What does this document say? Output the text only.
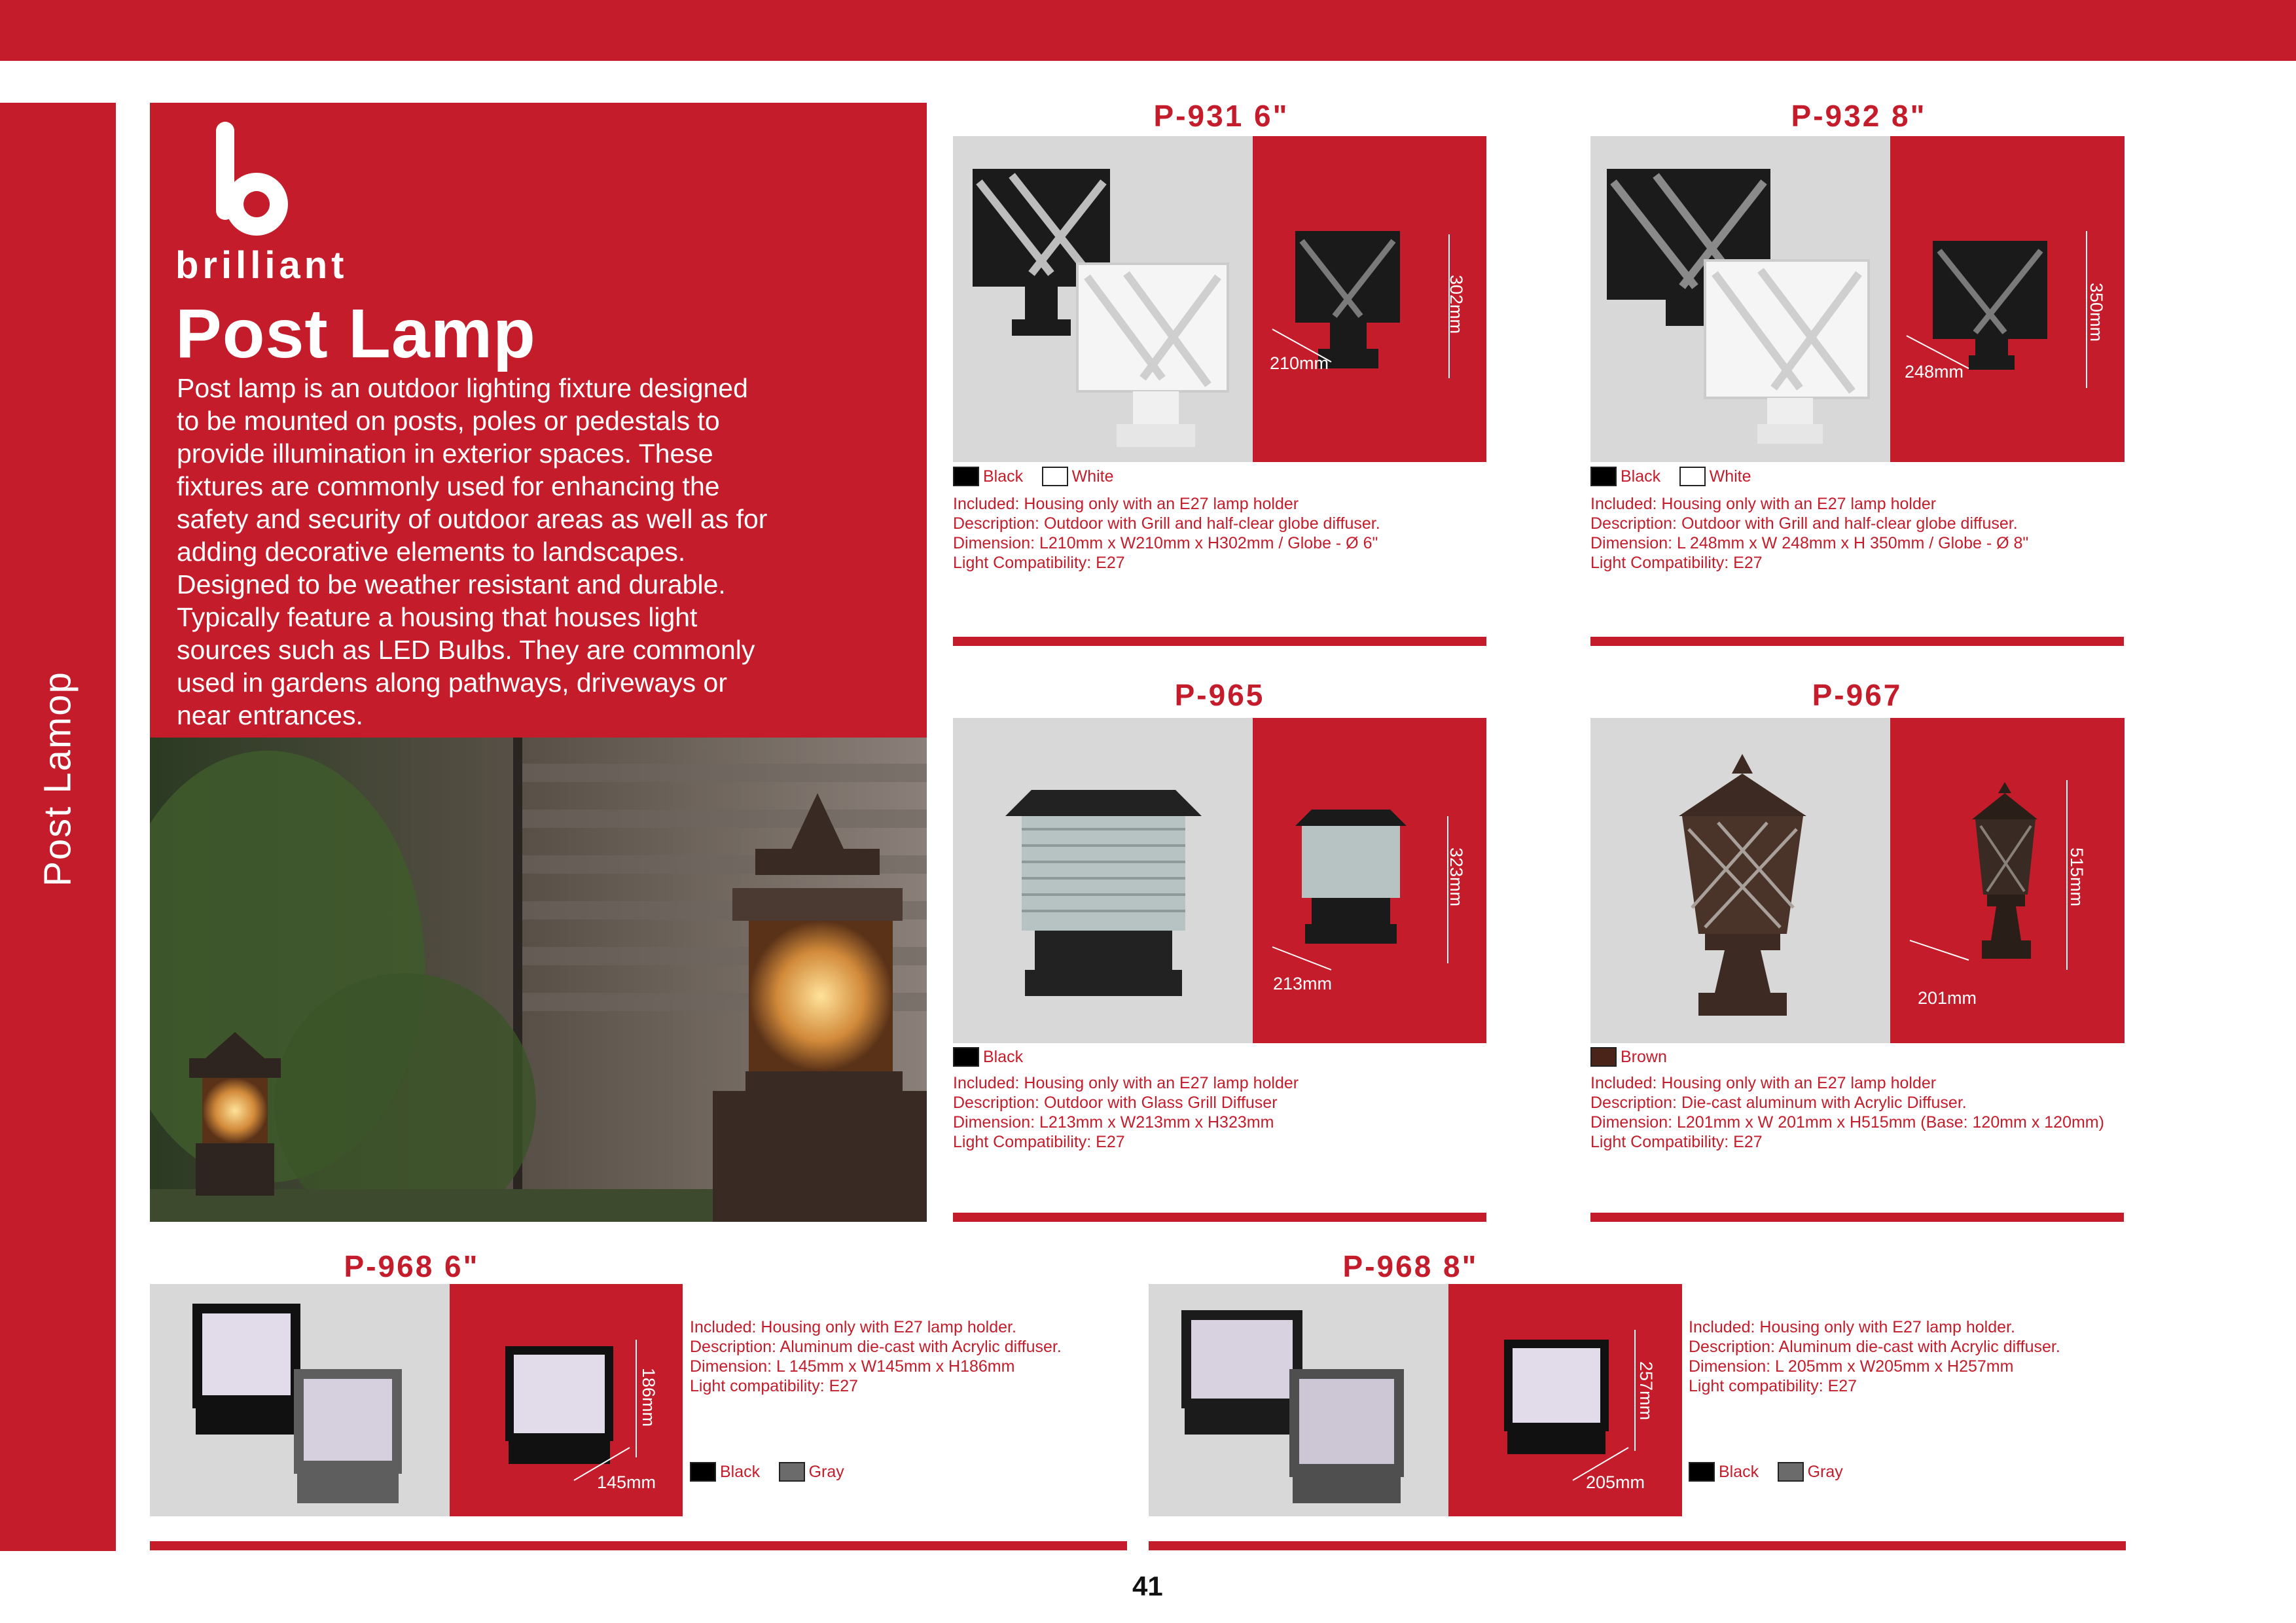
Post Lamop
brilliant
Post Lamp
Post lamp is an outdoor lighting fixture designed
to be mounted on posts, poles or pedestals to
provide illumination in exterior spaces. These
fixtures are commonly used for enhancing the
safety and security of outdoor areas as well as for
adding decorative elements to landscapes.
Designed to be weather resistant and durable.
Typically feature a housing that houses light
sources such as LED Bulbs. They are commonly
used in gardens along pathways, driveways or
near entrances.
P-931 6"
210mm
302mm
Black
	White
Included: Housing only with an E27 lamp holder
Description: Outdoor with Grill and half-clear globe diffuser.
Dimension: L210mm x W210mm x H302mm / Globe - Ø 6"
Light Compatibility: E27
P-932 8"
248mm
350mm
Black
	White
Included: Housing only with an E27 lamp holder
Description: Outdoor with Grill and half-clear globe diffuser.
Dimension: L 248mm x W 248mm x H 350mm / Globe - Ø 8"
Light Compatibility: E27
P-965
213mm
323mm
Black
Included: Housing only with an E27 lamp holder
Description: Outdoor with Glass Grill Diffuser
Dimension: L213mm x W213mm x H323mm
Light Compatibility: E27
P-967
201mm
515mm
Brown
Included: Housing only with an E27 lamp holder
Description: Die-cast aluminum with Acrylic Diffuser.
Dimension: L201mm x W 201mm x H515mm (Base: 120mm x 120mm)
Light Compatibility: E27
P-968 6"
145mm
186mm
Included: Housing only with E27 lamp holder.
Description: Aluminum die-cast with Acrylic diffuser.
Dimension: L 145mm x W145mm x H186mm
Light compatibility: E27
Black
	Gray
P-968 8"
205mm
257mm
Included: Housing only with E27 lamp holder.
Description: Aluminum die-cast with Acrylic diffuser.
Dimension: L 205mm x W205mm x H257mm
Light compatibility: E27
Black
	Gray
41
